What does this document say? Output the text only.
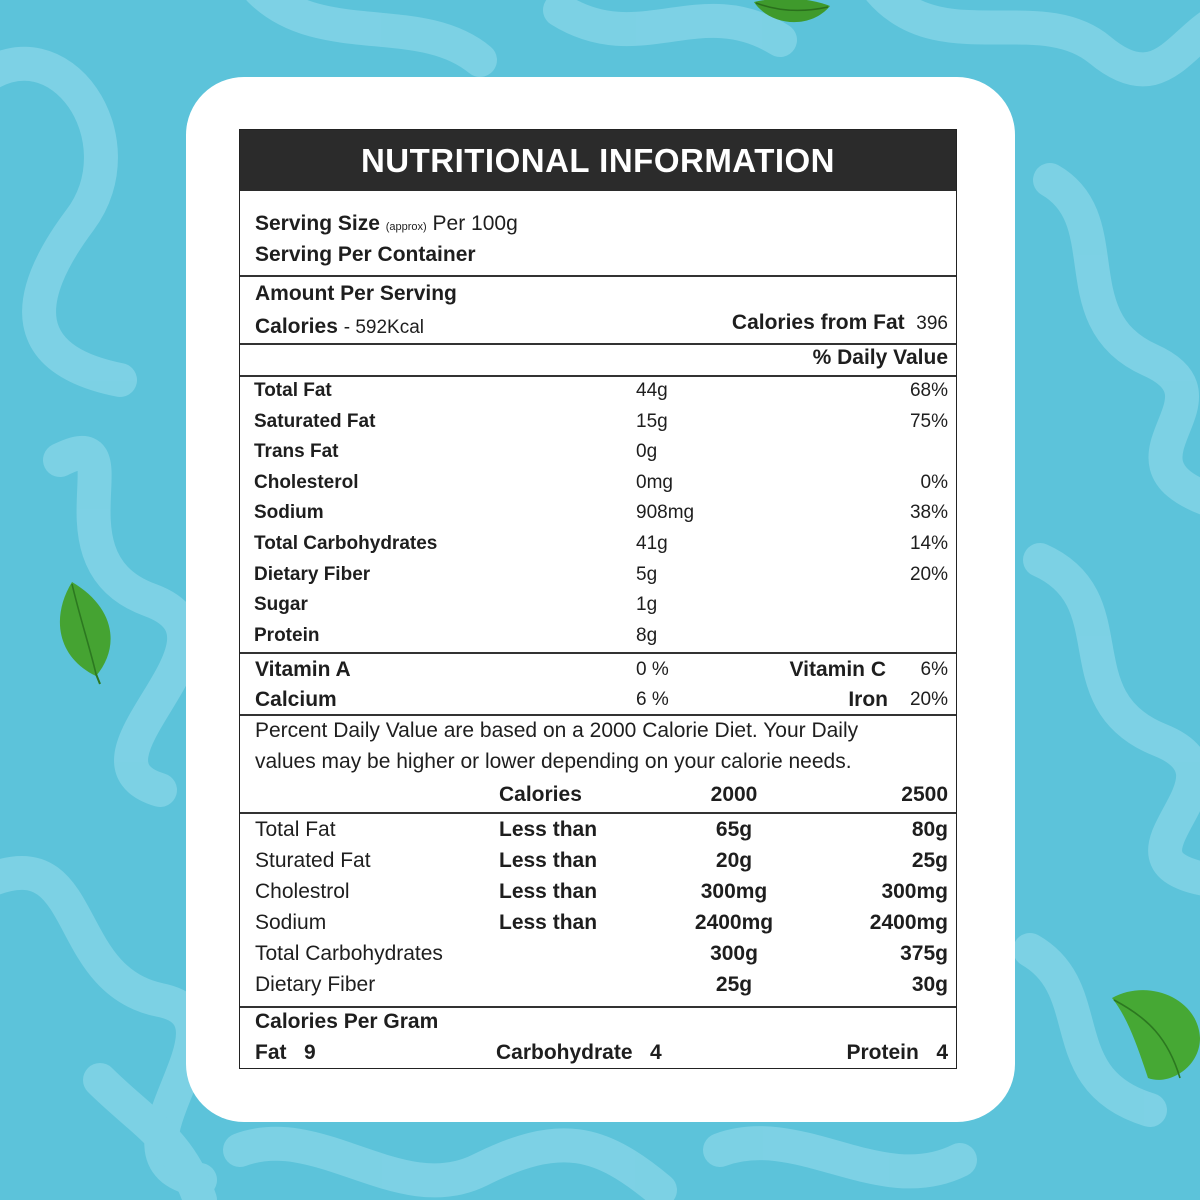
NUTRITIONAL INFORMATION
Serving Size (approx) Per 100g
Serving Per Container
Amount Per Serving
Calories - 592Kcal	Calories from Fat 396
% Daily Value
Total Fat	44g	68%
Saturated Fat	15g	75%
Trans Fat	0g
Cholesterol	0mg	0%
Sodium	908mg	38%
Total Carbohydrates	41g	14%
Dietary Fiber	5g	20%
Sugar	1g
Protein	8g
Vitamin A	0 %	Vitamin C 6%
Calcium	6 %	Iron 20%
Percent Daily Value are based on a 2000 Calorie Diet. Your Daily
values may be higher or lower depending on your calorie needs.
Calories	2000	2500
Total Fat	Less than	65g	80g
Sturated Fat	Less than	20g	25g
Cholestrol	Less than	300mg	300mg
Sodium	Less than	2400mg	2400mg
Total Carbohydrates	300g	375g
Dietary Fiber	25g	30g
Calories Per Gram
Fat 9	Carbohydrate 4	Protein 4
